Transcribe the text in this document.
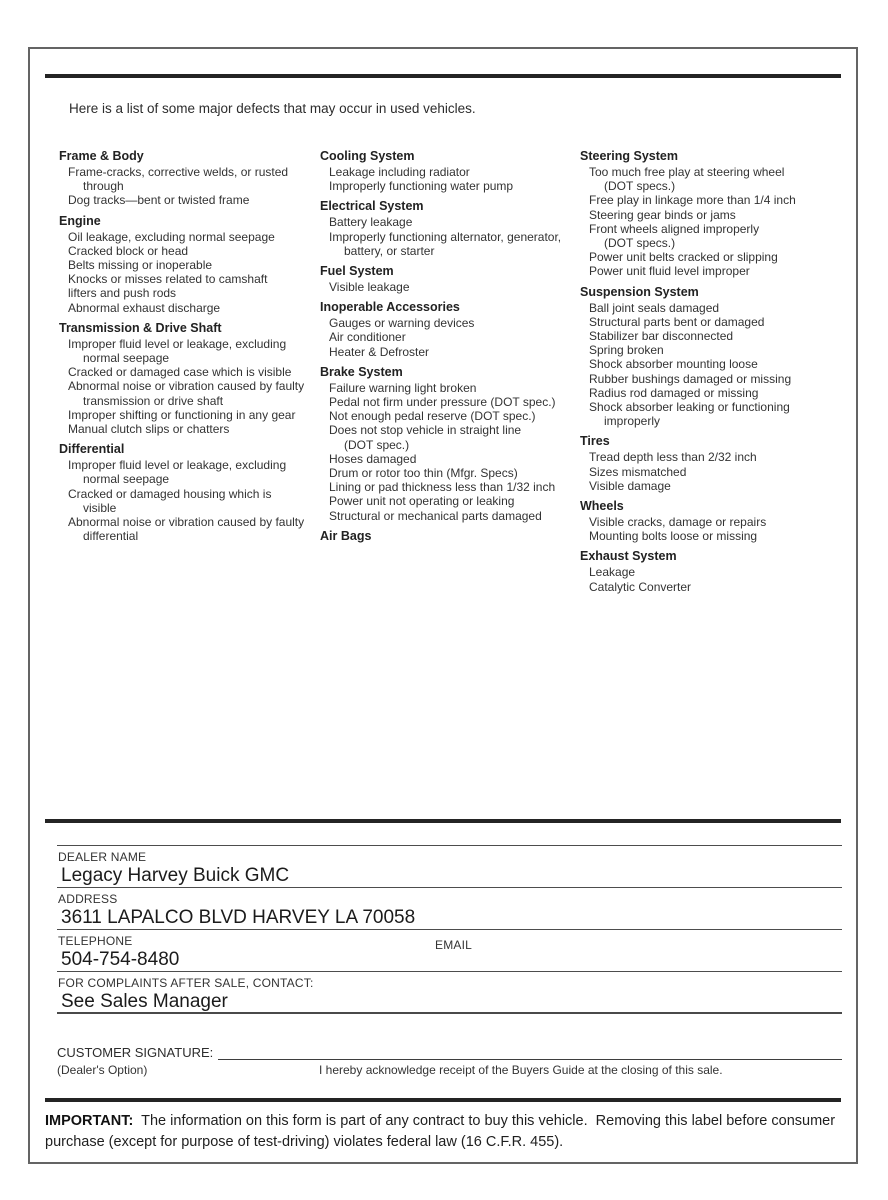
Here is a list of some major defects that may occur in used vehicles.
Frame & Body
Frame-cracks, corrective welds, or rusted
through
Dog tracks—bent or twisted frame
Engine
Oil leakage, excluding normal seepage
Cracked block or head
Belts missing or inoperable
Knocks or misses related to camshaft
lifters and push rods
Abnormal exhaust discharge
Transmission & Drive Shaft
Improper fluid level or leakage, excluding
normal seepage
Cracked or damaged case which is visible
Abnormal noise or vibration caused by faulty
transmission or drive shaft
Improper shifting or functioning in any gear
Manual clutch slips or chatters
Differential
Improper fluid level or leakage, excluding
normal seepage
Cracked or damaged housing which is
visible
Abnormal noise or vibration caused by faulty
differential
Cooling System
Leakage including radiator
Improperly functioning water pump
Electrical System
Battery leakage
Improperly functioning alternator, generator,
battery, or starter
Fuel System
Visible leakage
Inoperable Accessories
Gauges or warning devices
Air conditioner
Heater & Defroster
Brake System
Failure warning light broken
Pedal not firm under pressure (DOT spec.)
Not enough pedal reserve (DOT spec.)
Does not stop vehicle in straight line
(DOT spec.)
Hoses damaged
Drum or rotor too thin (Mfgr. Specs)
Lining or pad thickness less than 1/32 inch
Power unit not operating or leaking
Structural or mechanical parts damaged
Air Bags
Steering System
Too much free play at steering wheel
(DOT specs.)
Free play in linkage more than 1/4 inch
Steering gear binds or jams
Front wheels aligned improperly
(DOT specs.)
Power unit belts cracked or slipping
Power unit fluid level improper
Suspension System
Ball joint seals damaged
Structural parts bent or damaged
Stabilizer bar disconnected
Spring broken
Shock absorber mounting loose
Rubber bushings damaged or missing
Radius rod damaged or missing
Shock absorber leaking or functioning
improperly
Tires
Tread depth less than 2/32 inch
Sizes mismatched
Visible damage
Wheels
Visible cracks, damage or repairs
Mounting bolts loose or missing
Exhaust System
Leakage
Catalytic Converter
DEALER NAME
Legacy Harvey Buick GMC
ADDRESS
3611 LAPALCO BLVD HARVEY LA 70058
TELEPHONE	EMAIL
504-754-8480
FOR COMPLAINTS AFTER SALE, CONTACT:
See Sales Manager
CUSTOMER SIGNATURE:
(Dealer's Option)	I hereby acknowledge receipt of the Buyers Guide at the closing of this sale.
IMPORTANT:  The information on this form is part of any contract to buy this vehicle.  Removing this label before consumer purchase (except for purpose of test-driving) violates federal law (16 C.F.R. 455).
